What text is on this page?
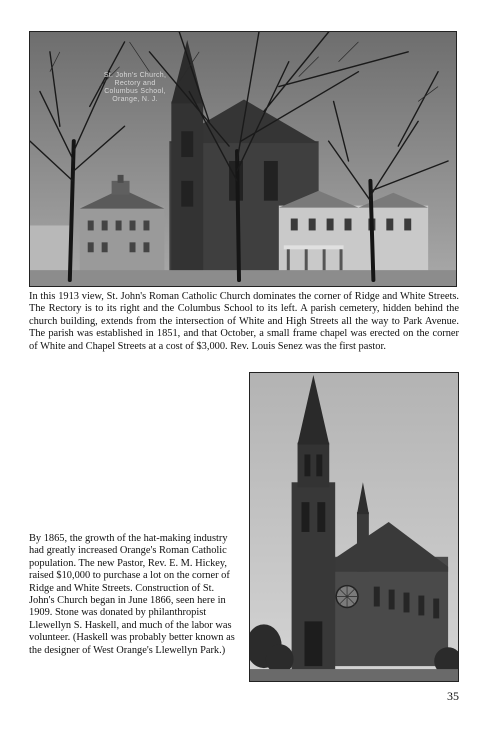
St. John's Church,
Rectory and
Columbus School,
Orange, N. J.

In this 1913 view, St. John's Roman Catholic Church dominates the corner of Ridge and White Streets. The Rectory is to its right and the Columbus School to its left. A parish cemetery, hidden behind the church building, extends from the intersection of White and High Streets all the way to Park Avenue. The parish was established in 1851, and that October, a small frame chapel was erected on the corner of White and Chapel Streets at a cost of $3,000. Rev. Louis Senez was the first pastor.

By 1865, the growth of the hat-making industry had greatly increased Orange's Roman Catholic population. The new Pastor, Rev. E. M. Hickey, raised $10,000 to purchase a lot on the corner of Ridge and White Streets. Construction of St. John's Church began in June 1866, seen here in 1909. Stone was donated by philanthropist Llewellyn S. Haskell, and much of the labor was volunteer. (Haskell was probably better known as the designer of West Orange's Llewellyn Park.)

35
